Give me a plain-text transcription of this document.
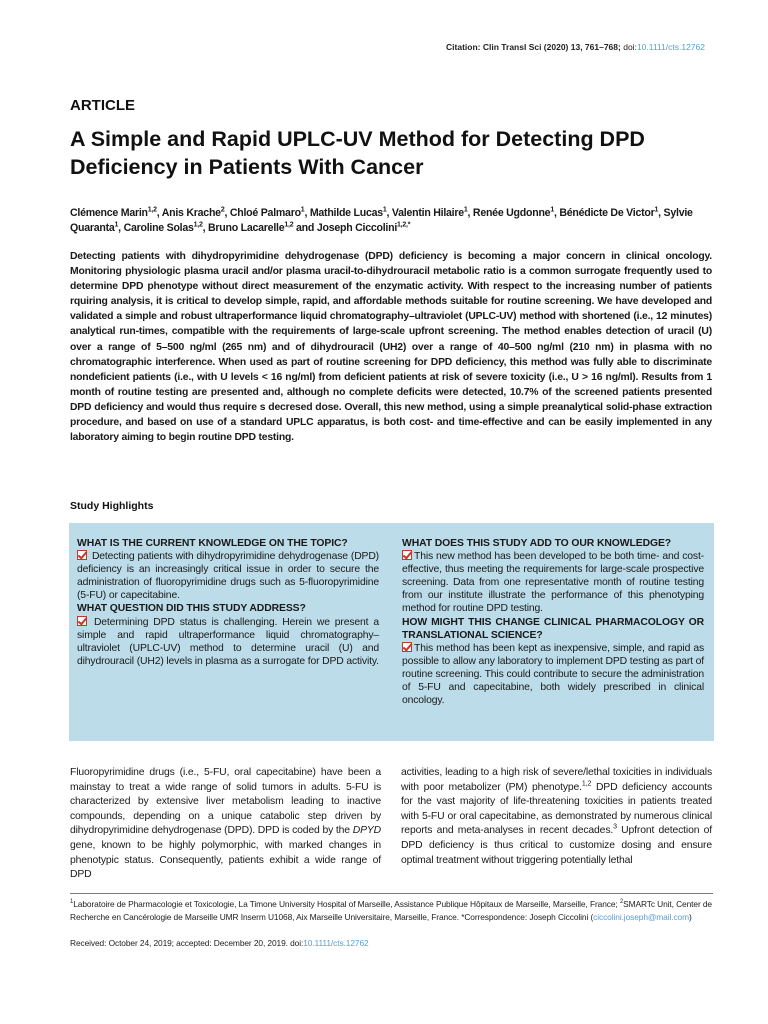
Citation: Clin Transl Sci (2020) 13, 761–768; doi:10.1111/cts.12762
ARTICLE
A Simple and Rapid UPLC-UV Method for Detecting DPD Deficiency in Patients With Cancer

Clémence Marin$^{1,2}$, Anis Krache$^2$, Chloé Palmaro$^1$, Mathilde Lucas$^1$, Valentin Hilaire$^1$, Renée Ugdonne$^1$, Bénédicte De Victor$^1$, Sylvie Quaranta$^1$, Caroline Solas$^{1,2}$, Bruno Lacarelle$^{1,2}$ and Joseph Ciccolini$^{1,2,*}$

Detecting patients with dihydropyrimidine dehydrogenase (DPD) deficiency is becoming a major concern in clinical oncology. Monitoring physiologic plasma uracil and/or plasma uracil-to-dihydrouracil metabolic ratio is a common surrogate frequently used to determine DPD phenotype without direct measurement of the enzymatic activity. With respect to the increasing number of patients rquiring analysis, it is critical to develop simple, rapid, and affordable methods suitable for routine screening. We have developed and validated a simple and robust ultraperformance liquid chromatography–ultraviolet (UPLC-UV) method with shortened (i.e., 12 minutes) analytical run-times, compatible with the requirements of large-scale upfront screening. The method enables detection of uracil (U) over a range of 5–500 ng/ml (265 nm) and of dihydrouracil (UH2) over a range of 40–500 ng/ml (210 nm) in plasma with no chromatographic interference. When used as part of routine screening for DPD deficiency, this method was fully able to discriminate nondeficient patients (i.e., with U levels < 16 ng/ml) from deficient patients at risk of severe toxicity (i.e., U > 16 ng/ml). Results from 1 month of routine testing are presented and, although no complete deficits were detected, 10.7% of the screened patients presented DPD deficiency and would thus require s decresed dose. Overall, this new method, using a simple preanalytical solid-phase extraction procedure, and based on use of a standard UPLC apparatus, is both cost- and time-effective and can be easily implemented in any laboratory aiming to begin routine DPD testing.

Study Highlights
WHAT IS THE CURRENT KNOWLEDGE ON THE TOPIC?
Detecting patients with dihydropyrimidine dehydrogenase (DPD) deficiency is an increasingly critical issue in order to secure the administration of fluoropyrimidine drugs such as 5-fluoropyrimidine (5-FU) or capecitabine.
WHAT QUESTION DID THIS STUDY ADDRESS?
Determining DPD status is challenging. Herein we present a simple and rapid ultraperformance liquid chromatography–ultraviolet (UPLC-UV) method to determine uracil (U) and dihydrouracil (UH2) levels in plasma as a surrogate for DPD activity.
WHAT DOES THIS STUDY ADD TO OUR KNOWLEDGE?
This new method has been developed to be both time- and cost-effective, thus meeting the requirements for large-scale prospective screening. Data from one representative month of routine testing from our institute illustrate the performance of this phenotyping method for routine DPD testing.
HOW MIGHT THIS CHANGE CLINICAL PHARMACOLOGY OR TRANSLATIONAL SCIENCE?
This method has been kept as inexpensive, simple, and rapid as possible to allow any laboratory to implement DPD testing as part of routine screening. This could contribute to secure the administration of 5-FU and capecitabine, both widely prescribed in clinical oncology.

Fluoropyrimidine drugs (i.e., 5-FU, oral capecitabine) have been a mainstay to treat a wide range of solid tumors in adults. 5-FU is characterized by extensive liver metabolism leading to inactive compounds, depending on a unique catabolic step driven by dihydropyrimidine dehydrogenase (DPD). DPD is coded by the DPYD gene, known to be highly polymorphic, with marked changes in phenotypic status. Consequently, patients exhibit a wide range of DPD

activities, leading to a high risk of severe/lethal toxicities in individuals with poor metabolizer (PM) phenotype.$^{1,2}$ DPD deficiency accounts for the vast majority of life-threatening toxicities in patients treated with 5-FU or oral capecitabine, as demonstrated by numerous clinical reports and meta-analyses in recent decades.$^3$ Upfront detection of DPD deficiency is thus critical to customize dosing and ensure optimal treatment without triggering potentially lethal

$^1$Laboratoire de Pharmacologie et Toxicologie, La Timone University Hospital of Marseille, Assistance Publique Hôpitaux de Marseille, Marseille, France; $^2$SMARTc Unit, Center de Recherche en Cancérologie de Marseille UMR Inserm U1068, Aix Marseille Universitaire, Marseille, France. *Correspondence: Joseph Ciccolini (ciccolini.joseph@mail.com)

Received: October 24, 2019; accepted: December 20, 2019. doi:10.1111/cts.12762
